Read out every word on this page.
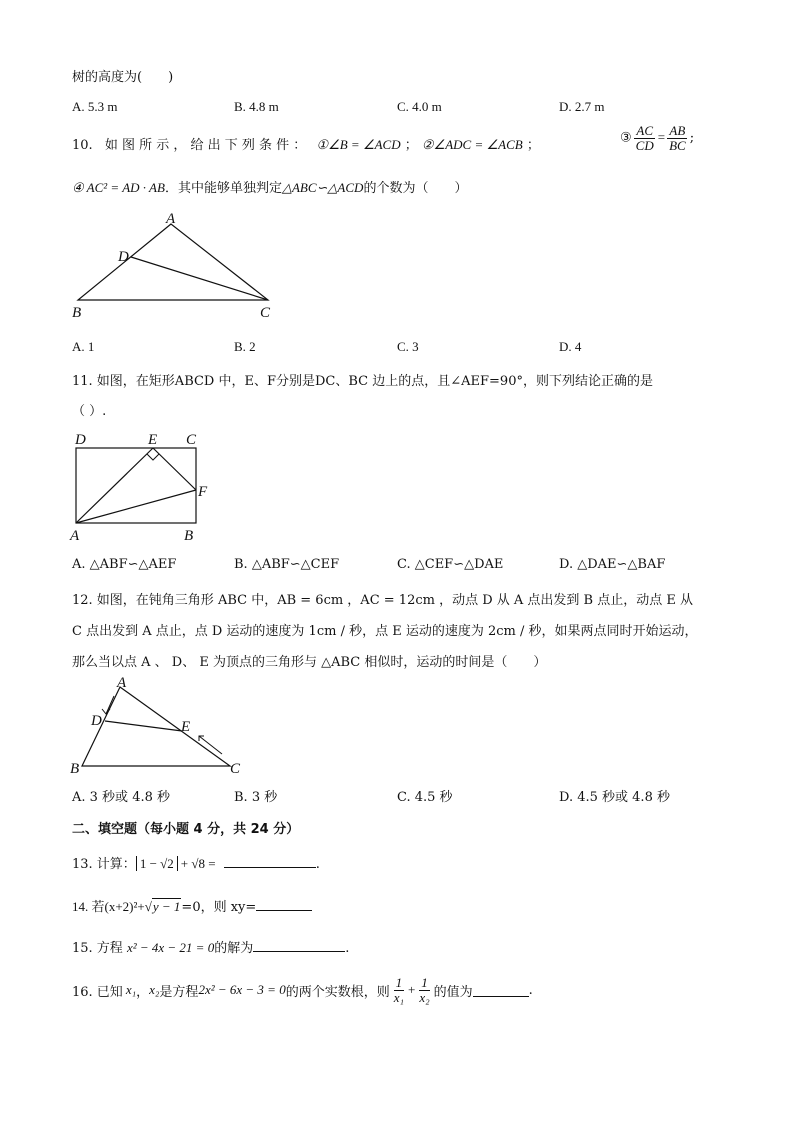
树的高度为(　　)
A. 5.3 m	B. 4.8 m	C. 4.0 m	D. 2.7 m
10. 如 图 所 示 ， 给 出 下 列 条 件 ： ①∠B = ∠ACD ； ②∠ADC = ∠ACB ；	③ $\frac{AC}{CD} = \frac{AB}{BC}$ ;
④ AC² = AD · AB．其中能够单独判定△ABC∽△ACD的个数为（　　）
A
D
B	C
A. 1	B. 2	C. 3	D. 4
11. 如图，在矩形ABCD 中，E、F分别是DC、BC 边上的点，且∠AEF=90°，则下列结论正确的是
（ ）.
D	E C
F
A	B
A. △ABF∽△AEF	B. △ABF∽△CEF	C. △CEF∽△DAE	D. △DAE∽△BAF
12. 如图，在钝角三角形 ABC 中，AB = 6cm ，AC = 12cm ，动点 D 从 A 点出发到 B 点止，动点 E 从
C 点出发到 A 点止，点 D 运动的速度为 1cm / 秒，点 E 运动的速度为 2cm / 秒，如果两点同时开始运动，
那么当以点 A 、 D、 E 为顶点的三角形与 △ABC 相似时，运动的时间是（　　）
A
D	E
B	C
A. 3 秒或 4.8 秒	B. 3 秒	C. 4.5 秒	D. 4.5 秒或 4.8 秒
二、填空题（每小题 4 分，共 24 分）
13. 计算： 1 − √2 + √8 =	.
14. 若(x+2)²+√y − 1=0，则 xy=
15. 方程 x² − 4x − 21 = 0的解为	.
16. 已知 x₁ ， x₂ 是方程 2x² − 6x − 3 = 0 的两个实数根，则 $\frac{1}{\text{x₁}} + \frac{1}{\text{x₂}}$ 的值为	.
